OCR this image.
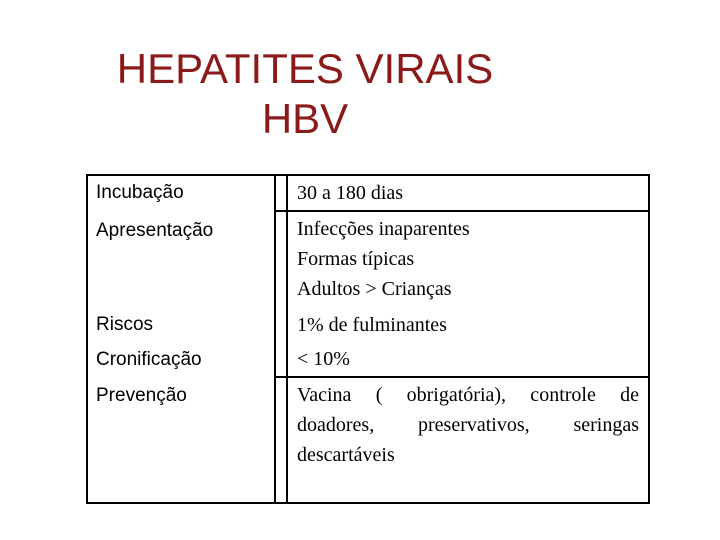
HEPATITES VIRAIS

HBV
Incubação
Apresentação
Riscos
Cronificação
Prevenção
30 a 180 dias
Infecções inaparentes
Formas típicas
Adultos > Crianças
1% de fulminantes
< 10%
Vacina ( obrigatória), controle de doadores, preservativos, seringas descartáveis
